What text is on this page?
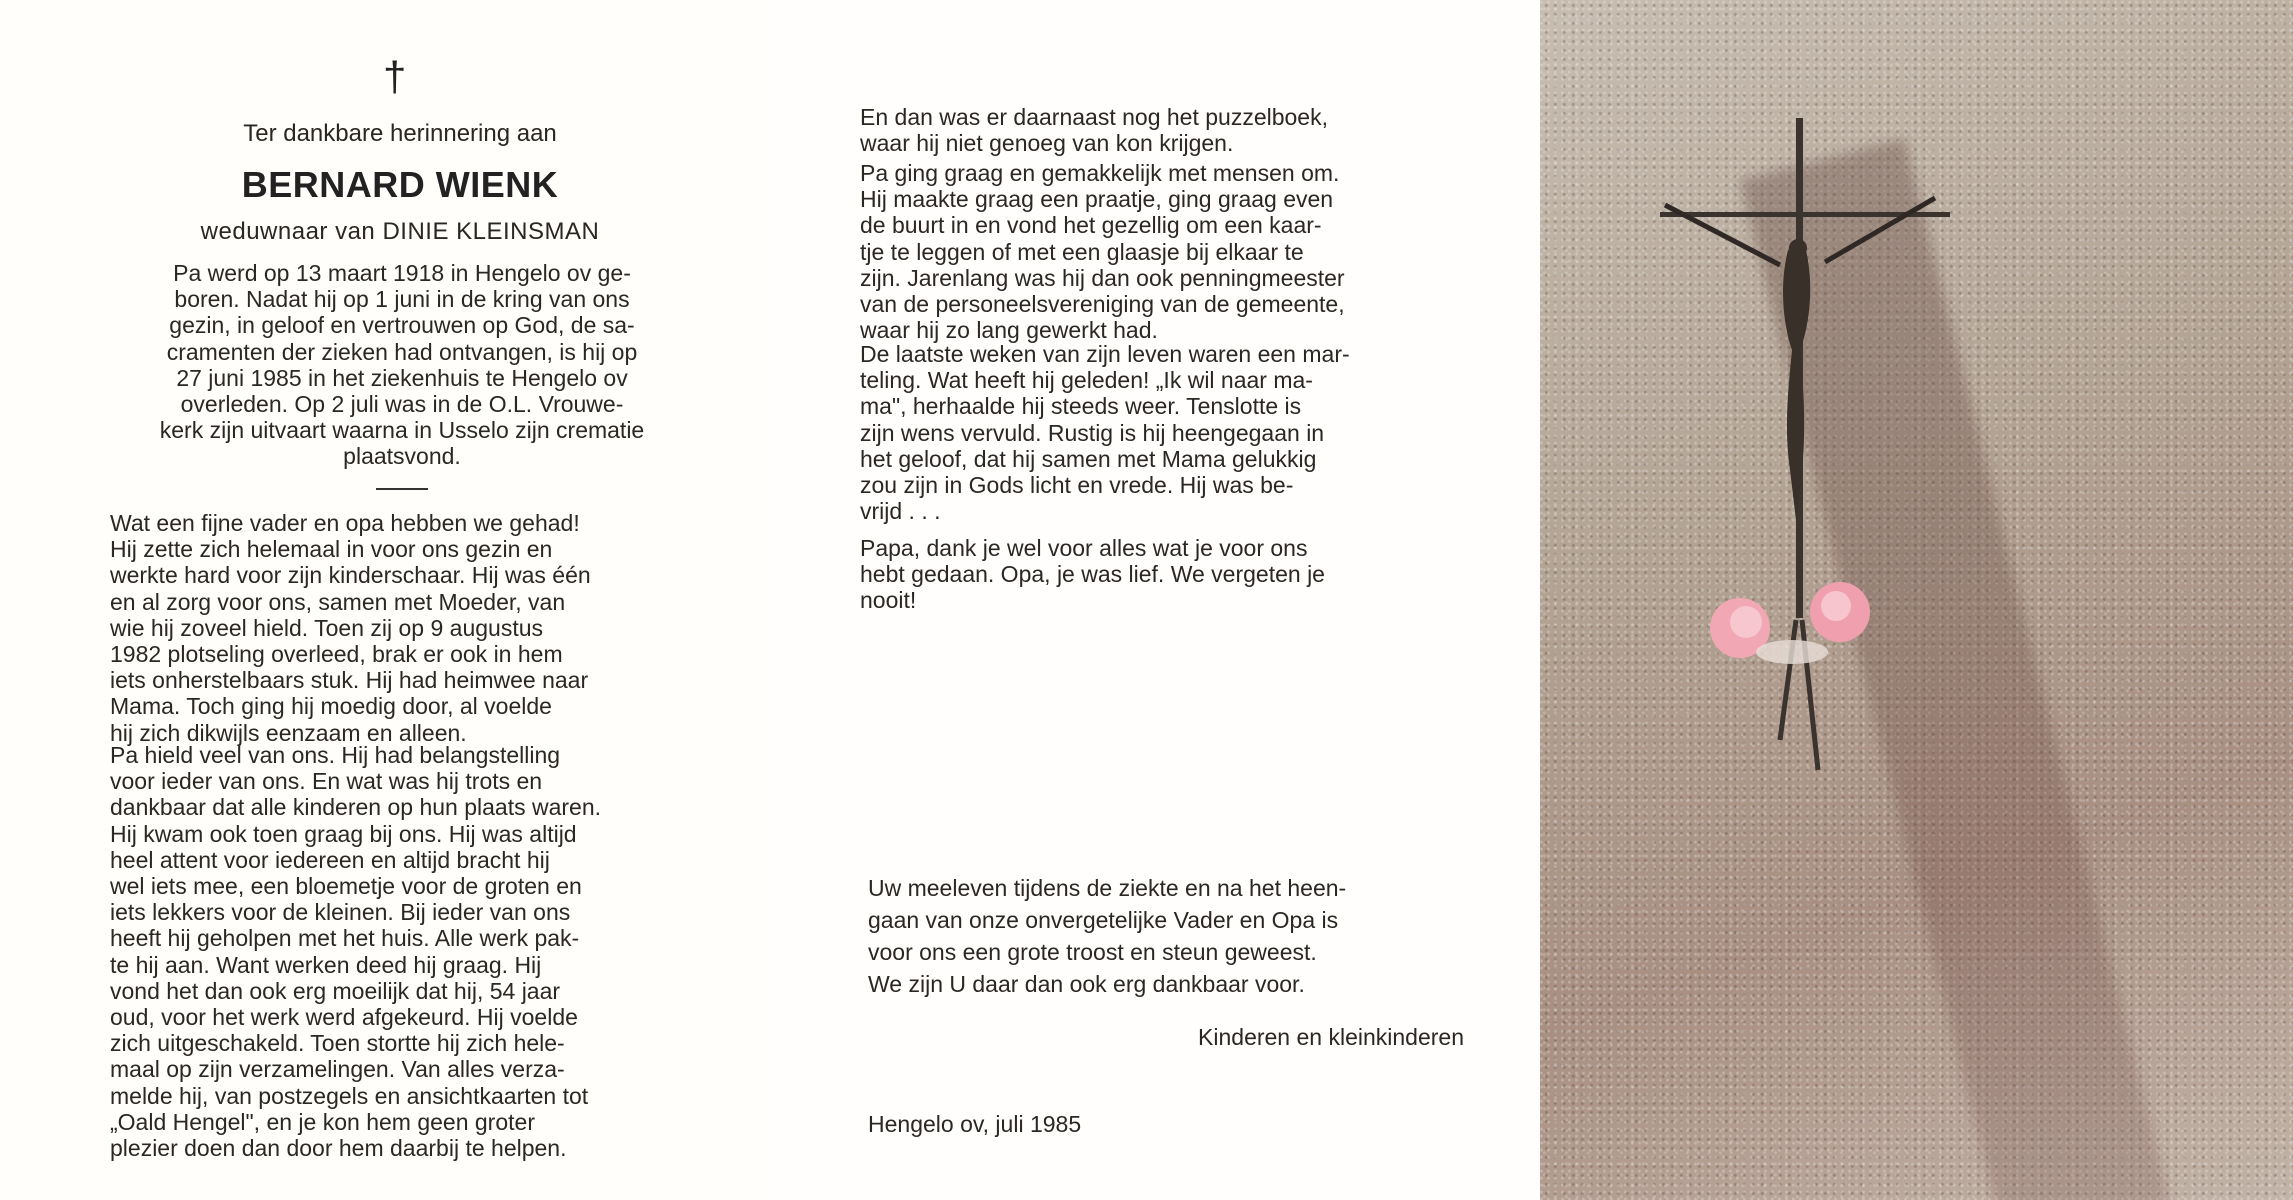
†
Ter dankbare herinnering aan
BERNARD WIENK
weduwnaar van DINIE KLEINSMAN

Pa werd op 13 maart 1918 in Hengelo ov ge-
boren. Nadat hij op 1 juni in de kring van ons
gezin, in geloof en vertrouwen op God, de sa-
cramenten der zieken had ontvangen, is hij op
27 juni 1985 in het ziekenhuis te Hengelo ov
overleden. Op 2 juli was in de O.L. Vrouwe-
kerk zijn uitvaart waarna in Usselo zijn crematie
plaatsvond.

Wat een fijne vader en opa hebben we gehad!
Hij zette zich helemaal in voor ons gezin en
werkte hard voor zijn kinderschaar. Hij was één
en al zorg voor ons, samen met Moeder, van
wie hij zoveel hield. Toen zij op 9 augustus
1982 plotseling overleed, brak er ook in hem
iets onherstelbaars stuk. Hij had heimwee naar
Mama. Toch ging hij moedig door, al voelde
hij zich dikwijls eenzaam en alleen.

Pa hield veel van ons. Hij had belangstelling
voor ieder van ons. En wat was hij trots en
dankbaar dat alle kinderen op hun plaats waren.
Hij kwam ook toen graag bij ons. Hij was altijd
heel attent voor iedereen en altijd bracht hij
wel iets mee, een bloemetje voor de groten en
iets lekkers voor de kleinen. Bij ieder van ons
heeft hij geholpen met het huis. Alle werk pak-
te hij aan. Want werken deed hij graag. Hij
vond het dan ook erg moeilijk dat hij, 54 jaar
oud, voor het werk werd afgekeurd. Hij voelde
zich uitgeschakeld. Toen stortte hij zich hele-
maal op zijn verzamelingen. Van alles verza-
melde hij, van postzegels en ansichtkaarten tot
„Oald Hengel", en je kon hem geen groter
plezier doen dan door hem daarbij te helpen.

En dan was er daarnaast nog het puzzelboek,
waar hij niet genoeg van kon krijgen.

Pa ging graag en gemakkelijk met mensen om.
Hij maakte graag een praatje, ging graag even
de buurt in en vond het gezellig om een kaar-
tje te leggen of met een glaasje bij elkaar te
zijn. Jarenlang was hij dan ook penningmeester
van de personeelsvereniging van de gemeente,
waar hij zo lang gewerkt had.

De laatste weken van zijn leven waren een mar-
teling. Wat heeft hij geleden! „Ik wil naar ma-
ma", herhaalde hij steeds weer. Tenslotte is
zijn wens vervuld. Rustig is hij heengegaan in
het geloof, dat hij samen met Mama gelukkig
zou zijn in Gods licht en vrede. Hij was be-
vrijd . . .

Papa, dank je wel voor alles wat je voor ons
hebt gedaan. Opa, je was lief. We vergeten je
nooit!

Uw meeleven tijdens de ziekte en na het heen-
gaan van onze onvergetelijke Vader en Opa is
voor ons een grote troost en steun geweest.
We zijn U daar dan ook erg dankbaar voor.

Kinderen en kleinkinderen

Hengelo ov, juli 1985
